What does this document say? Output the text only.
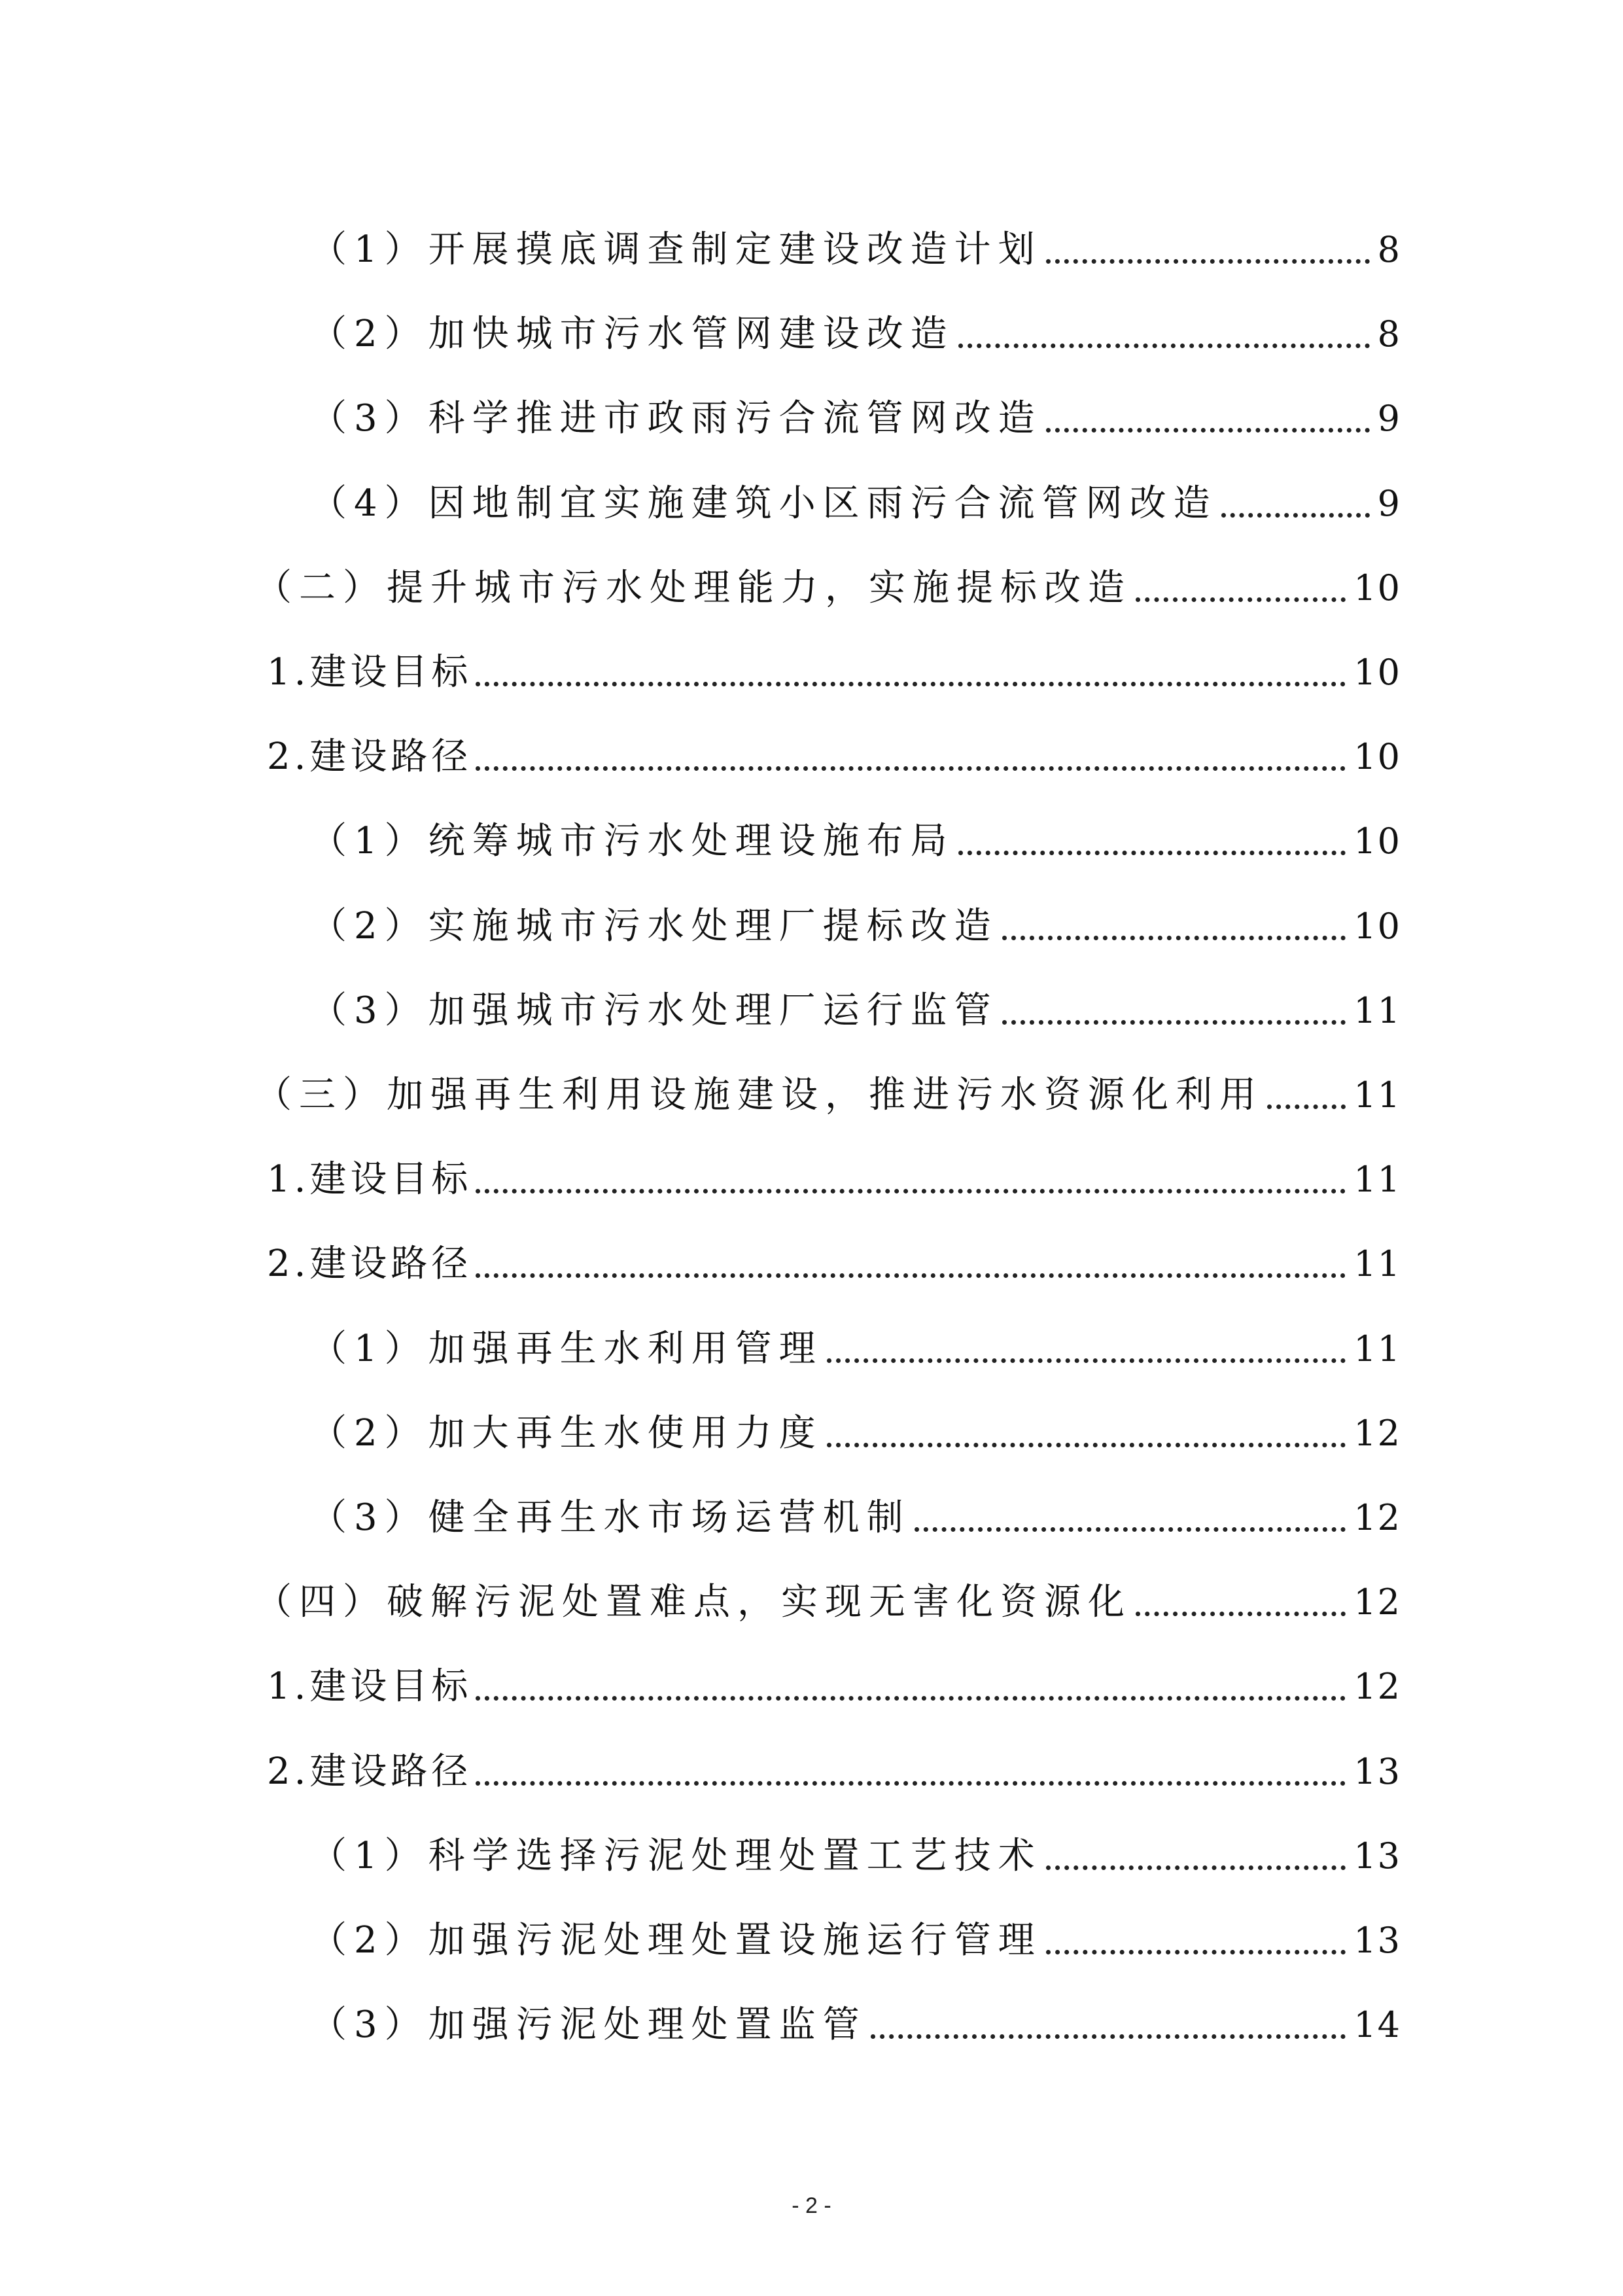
（1）开展摸底调查制定建设改造计划	8
（2）加快城市污水管网建设改造	8
（3）科学推进市政雨污合流管网改造	9
（4）因地制宜实施建筑小区雨污合流管网改造	9
（二）提升城市污水处理能力，实施提标改造	10
1.建设目标	10
2.建设路径	10
（1）统筹城市污水处理设施布局	10
（2）实施城市污水处理厂提标改造	10
（3）加强城市污水处理厂运行监管	11
（三）加强再生利用设施建设，推进污水资源化利用	11
1.建设目标	11
2.建设路径	11
（1）加强再生水利用管理	11
（2）加大再生水使用力度	12
（3）健全再生水市场运营机制	12
（四）破解污泥处置难点，实现无害化资源化	12
1.建设目标	12
2.建设路径	13
（1）科学选择污泥处理处置工艺技术	13
（2）加强污泥处理处置设施运行管理	13
（3）加强污泥处理处置监管	14
- 2 -
